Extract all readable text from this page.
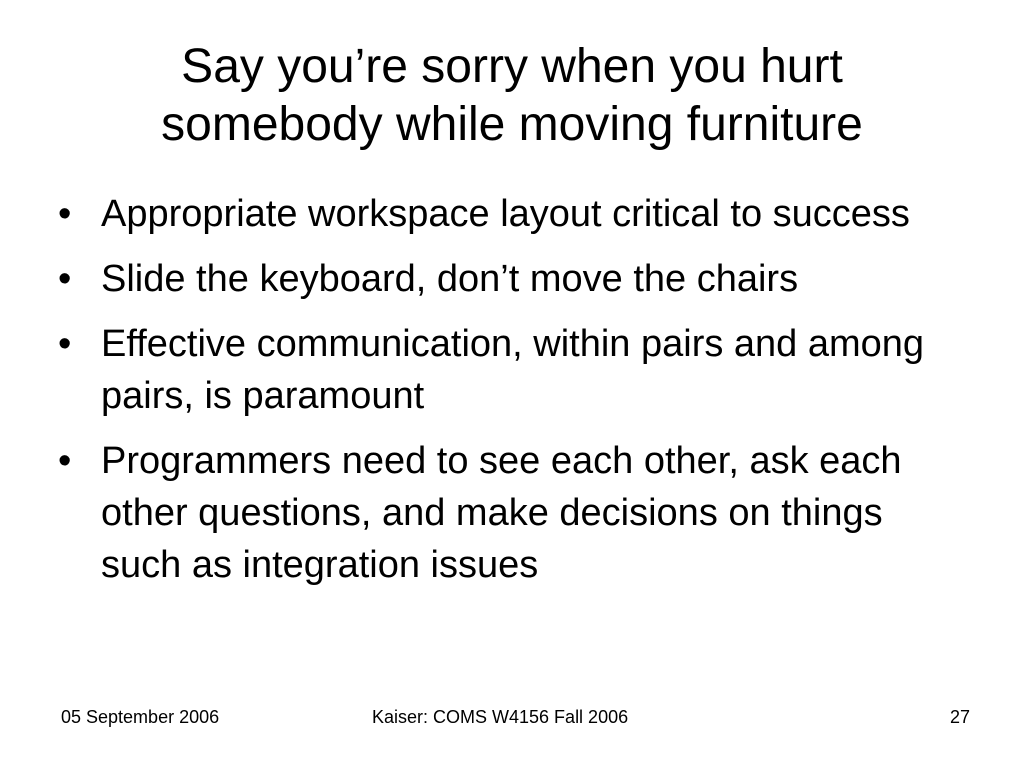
Say you’re sorry when you hurt
somebody while moving furniture
• Appropriate workspace layout critical to success
• Slide the keyboard, don’t move the chairs
• Effective communication, within pairs and among pairs, is paramount
• Programmers need to see each other, ask each other questions, and make decisions on things such as integration issues
05 September 2006	Kaiser: COMS W4156 Fall 2006	27
